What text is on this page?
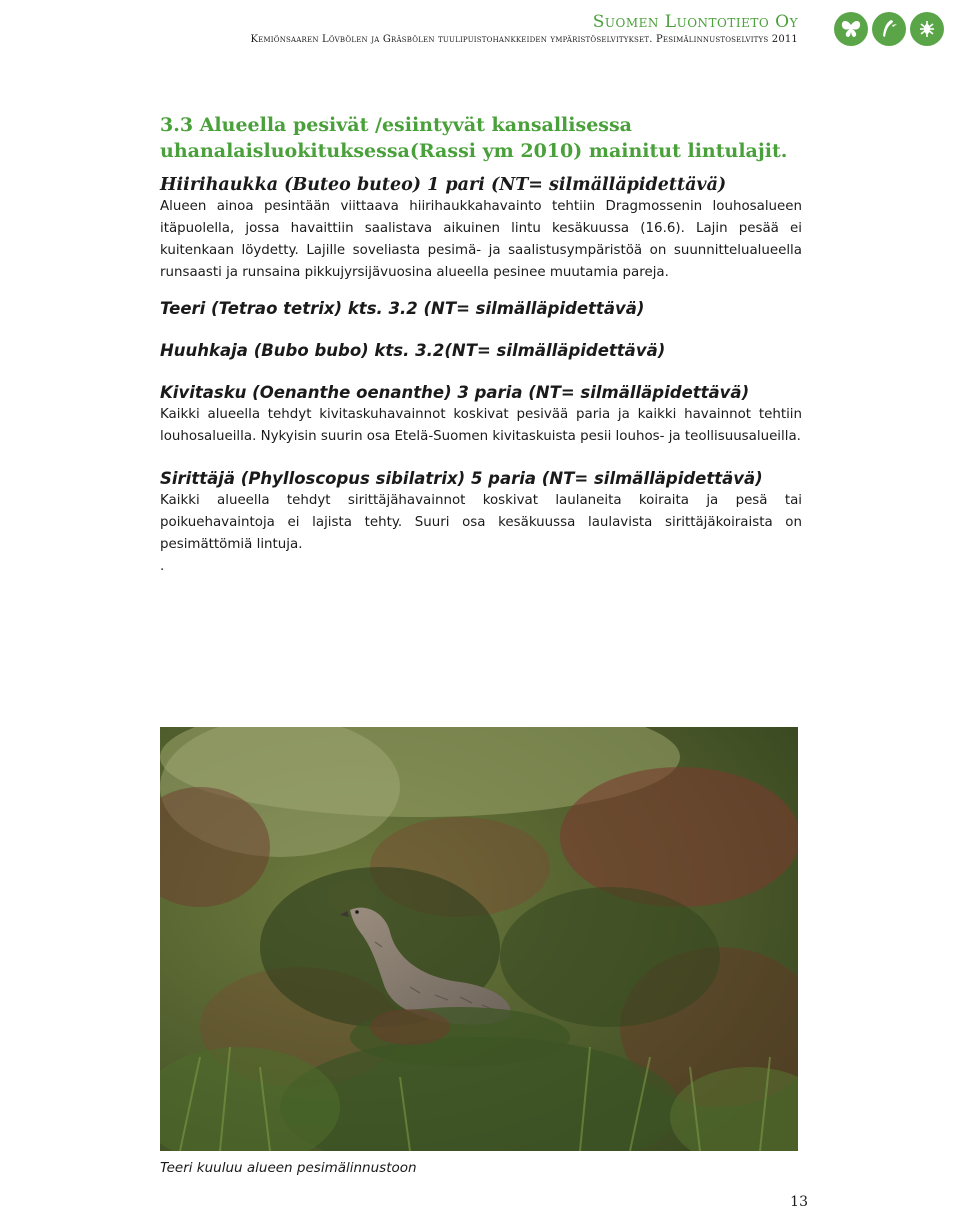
Suomen Luontotieto Oy
Kemiönsaaren Lövbölen ja Gräsbölen tuulipuistohankkeiden ympäristöselvitykset. Pesimälinnustoselvitys 2011
3.3 Alueella pesivät /esiintyvät kansallisessa uhanalaisluokituksessa(Rassi ym 2010) mainitut lintulajit.
Hiirihaukka (Buteo buteo) 1 pari (NT= silmälläpidettävä)

Alueen ainoa pesintään viittaava hiirihaukkahavainto tehtiin Dragmossenin louhosalueen itäpuolella, jossa havaittiin saalistava aikuinen lintu kesäkuussa (16.6). Lajin pesää ei kuitenkaan löydetty. Lajille soveliasta pesimä- ja saalistusympäristöä on suunnittelualueella runsaasti ja runsaina pikkujyrsijävuosina alueella pesinee muutamia pareja.

Teeri (Tetrao tetrix) kts. 3.2 (NT= silmälläpidettävä)
Huuhkaja (Bubo bubo) kts. 3.2(NT= silmälläpidettävä)
Kivitasku (Oenanthe oenanthe) 3 paria (NT= silmälläpidettävä)

Kaikki alueella tehdyt kivitaskuhavainnot koskivat pesivää paria ja kaikki havainnot tehtiin louhosalueilla. Nykyisin suurin osa Etelä-Suomen kivitaskuista pesii louhos- ja teollisuusalueilla.

Sirittäjä (Phylloscopus sibilatrix) 5 paria (NT= silmälläpidettävä)

Kaikki alueella tehdyt sirittäjähavainnot koskivat laulaneita koiraita ja pesä tai poikuehavaintoja ei lajista tehty. Suuri osa kesäkuussa laulavista sirittäjäkoiraista on pesimättömiä lintuja.

.

Teeri kuuluu alueen pesimälinnustoon
13
